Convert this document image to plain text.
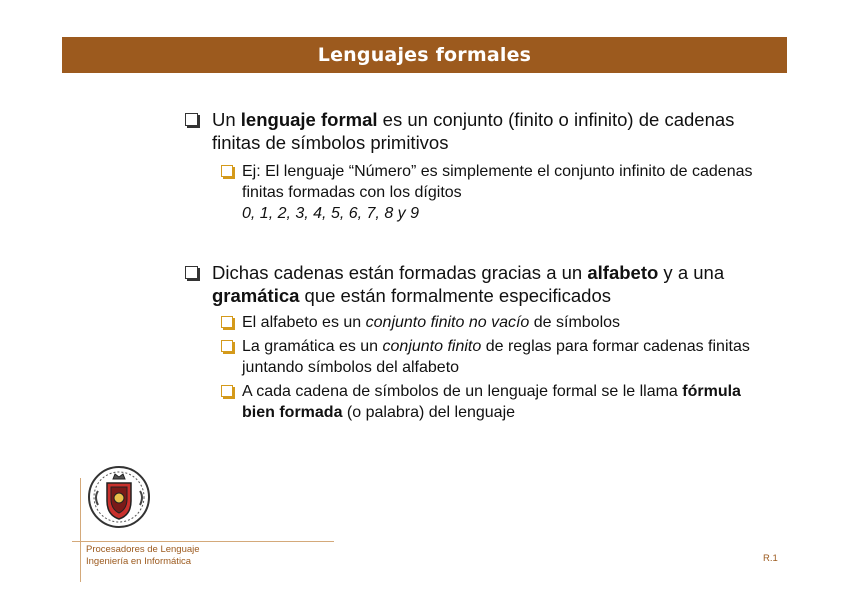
Lenguajes formales
Un lenguaje formal es un conjunto (finito o infinito) de cadenas finitas de símbolos primitivos
Ej: El lenguaje “Número” es simplemente el conjunto infinito de cadenas finitas formadas con los dígitos
0, 1, 2, 3, 4, 5, 6, 7, 8 y 9
Dichas cadenas están formadas gracias a un alfabeto y a una gramática que están formalmente especificados
El alfabeto es un conjunto finito no vacío de símbolos
La gramática es un conjunto finito de reglas para formar cadenas finitas juntando símbolos del alfabeto
A cada cadena de símbolos de un lenguaje formal se le llama fórmula bien formada (o palabra) del lenguaje
Procesadores de Lenguaje
Ingeniería en Informática	R.1
